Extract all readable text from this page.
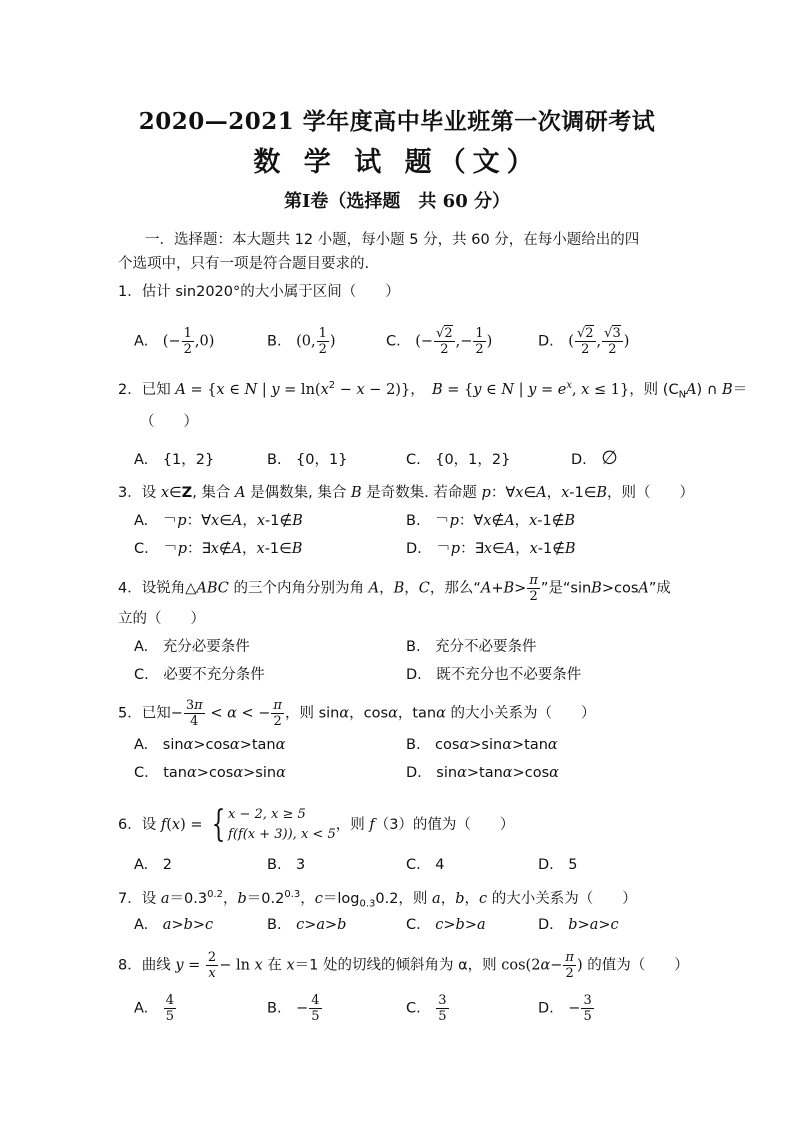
2020—2021 学年度高中毕业班第一次调研考试
数 学 试 题（文）
第Ⅰ卷（选择题　共 60 分）
一．选择题：本大题共 12 小题，每小题 5 分，共 60 分，在每小题给出的四
个选项中，只有一项是符合题目要求的.
1．估计 sin2020°的大小属于区间（　　）
A.　(− $\frac{1}{2} ,0$)	B.　(0, $\frac{1}{2}$ )	C.　(− $\frac{√2}{2}$ ,− $\frac{1}{2}$ )	D.　( $\frac{√2}{2}$ , $\frac{√3}{2}$ )
2．已知 A = {x ∈ N | $y = \ln(x^2 - x - 2)$}，　B = {y ∈ N | $y = e^x$, x ≤ 1}，则 $(C_NA)$ ∩ B＝
（　　）
A.　{1，2}	B.　{0，1}	C.　{0，1，2}	D.　∅
3．设 x∈Z, 集合 A 是偶数集, 集合 B 是奇数集. 若命题 p：∀x∈A，x-1∈B，则（　　）
A.　￢p：∀x∈A，x-1∉B	B.　￢p：∀x∉A，x-1∉B
C.　￢p：∃x∉A，x-1∈B	D.　￢p：∃x∈A，x-1∉B
4．设锐角△ABC 的三个内角分别为角 A，B，C，那么“$A+B> \frac{\pi}{2}$ ”是“sinB>cosA”成
立的（　　）
A.　充分必要条件	B.　充分不必要条件
C.　必要不充分条件	D.　既不充分也不必要条件
5．已知− $\frac{3\pi}{4} < \alpha$ < − $\frac{\pi}{2}$ ，则 sinα，cosα，tanα 的大小关系为（　　）
A.　sinα>cosα>tanα	B.　cosα>sinα>tanα
C.　tanα>cosα>sinα	D.　sinα>tanα>cosα
6．设 f(x) = { x − 2, x ≥ 5
f(f(x + 3)), x < 5，则 f（3）的值为（　　）
A.　2	B.　3	C.　4	D.　5
7．设 $a=0.3^{0.2}$，$b=0.2^{0.3}$，$c=\log_{0.3}0.2$，则 a，b，c 的大小关系为（　　）
A.　a>b>c	B.　c>a>b	C.　c>b>a	D.　b>a>c
8．曲线 $y = \frac{2}{x} - \ln x$ 在 x＝1 处的切线的倾斜角为 α，则 $\cos(2\alpha- \frac{\pi}{2}$ ) 的值为（　　）
A.　 $\frac{4}{5}$	B.　− $\frac{4}{5}$	C.　 $\frac{3}{5}$	D.　− $\frac{3}{5}$
